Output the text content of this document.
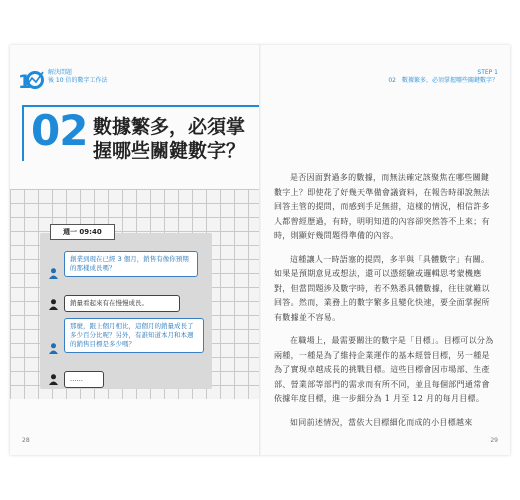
1	解決問題
後 10 倍的數字工作法
02 數據繁多，必須掌握哪些關鍵數字？
週一 09:40
創業到現在已經 3 個月，銷售有像你預期的那樣成長嗎？
銷量看起來有在慢慢成長。
那麼，跟上個月相比，這個月的銷量成長了多少百分比呢？另外，有誰知道本月和本週的銷售目標是多少嗎？
……
28
STEP 1
02　數據繁多，必須掌握哪些關鍵數字？

是否因面對過多的數據，而無法確定該聚焦在哪些關鍵數字上？即使花了好幾天準備會議資料，在報告時卻說無法回答主管的提問，而感到手足無措，這樣的情況，相信許多人都曾經歷過，有時，明明知道的內容卻突然答不上來；有時，則顯好幾問題得準備的內容。

這種讓人一時語塞的提問，多半與「具體數字」有關。如果是預期意見或想法，還可以憑經驗或邏輯思考蒙機應對，但當問題涉及數字時，若不熟悉具體數據，往往就難以回答。然而，業務上的數字繁多且變化快速，要全面掌握所有數據並不容易。

在職場上，最需要關注的數字是「目標」。目標可以分為兩種，一種是為了維持企業運作的基本經營目標，另一種是為了實現卓越成長的挑戰目標。這些目標會因市場部、生產部、營業部等部門的需求而有所不同，並且每個部門通常會依據年度目標，進一步細分為 1 月至 12 月的每月目標。

如同前述情況，當依大目標細化而成的小目標越來

29
